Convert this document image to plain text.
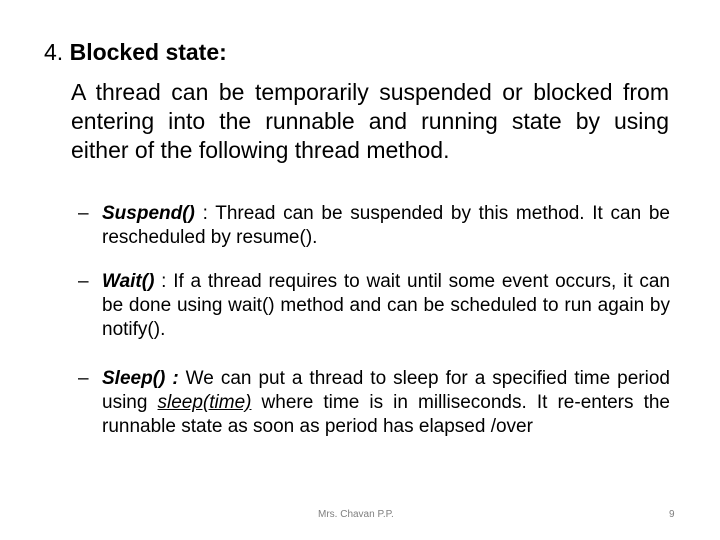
4. Blocked state:
A thread can be temporarily suspended or blocked from entering into the runnable and running state by using either of the following thread method.
– Suspend() : Thread can be suspended by this method. It can be rescheduled by resume().
– Wait() : If a thread requires to wait until some event occurs, it can be done using wait() method and can be scheduled to run again by notify().
– Sleep() : We can put a thread to sleep for a specified time period using sleep(time) where time is in milliseconds. It re-enters the runnable state as soon as period has elapsed /over
Mrs. Chavan P.P.	9
